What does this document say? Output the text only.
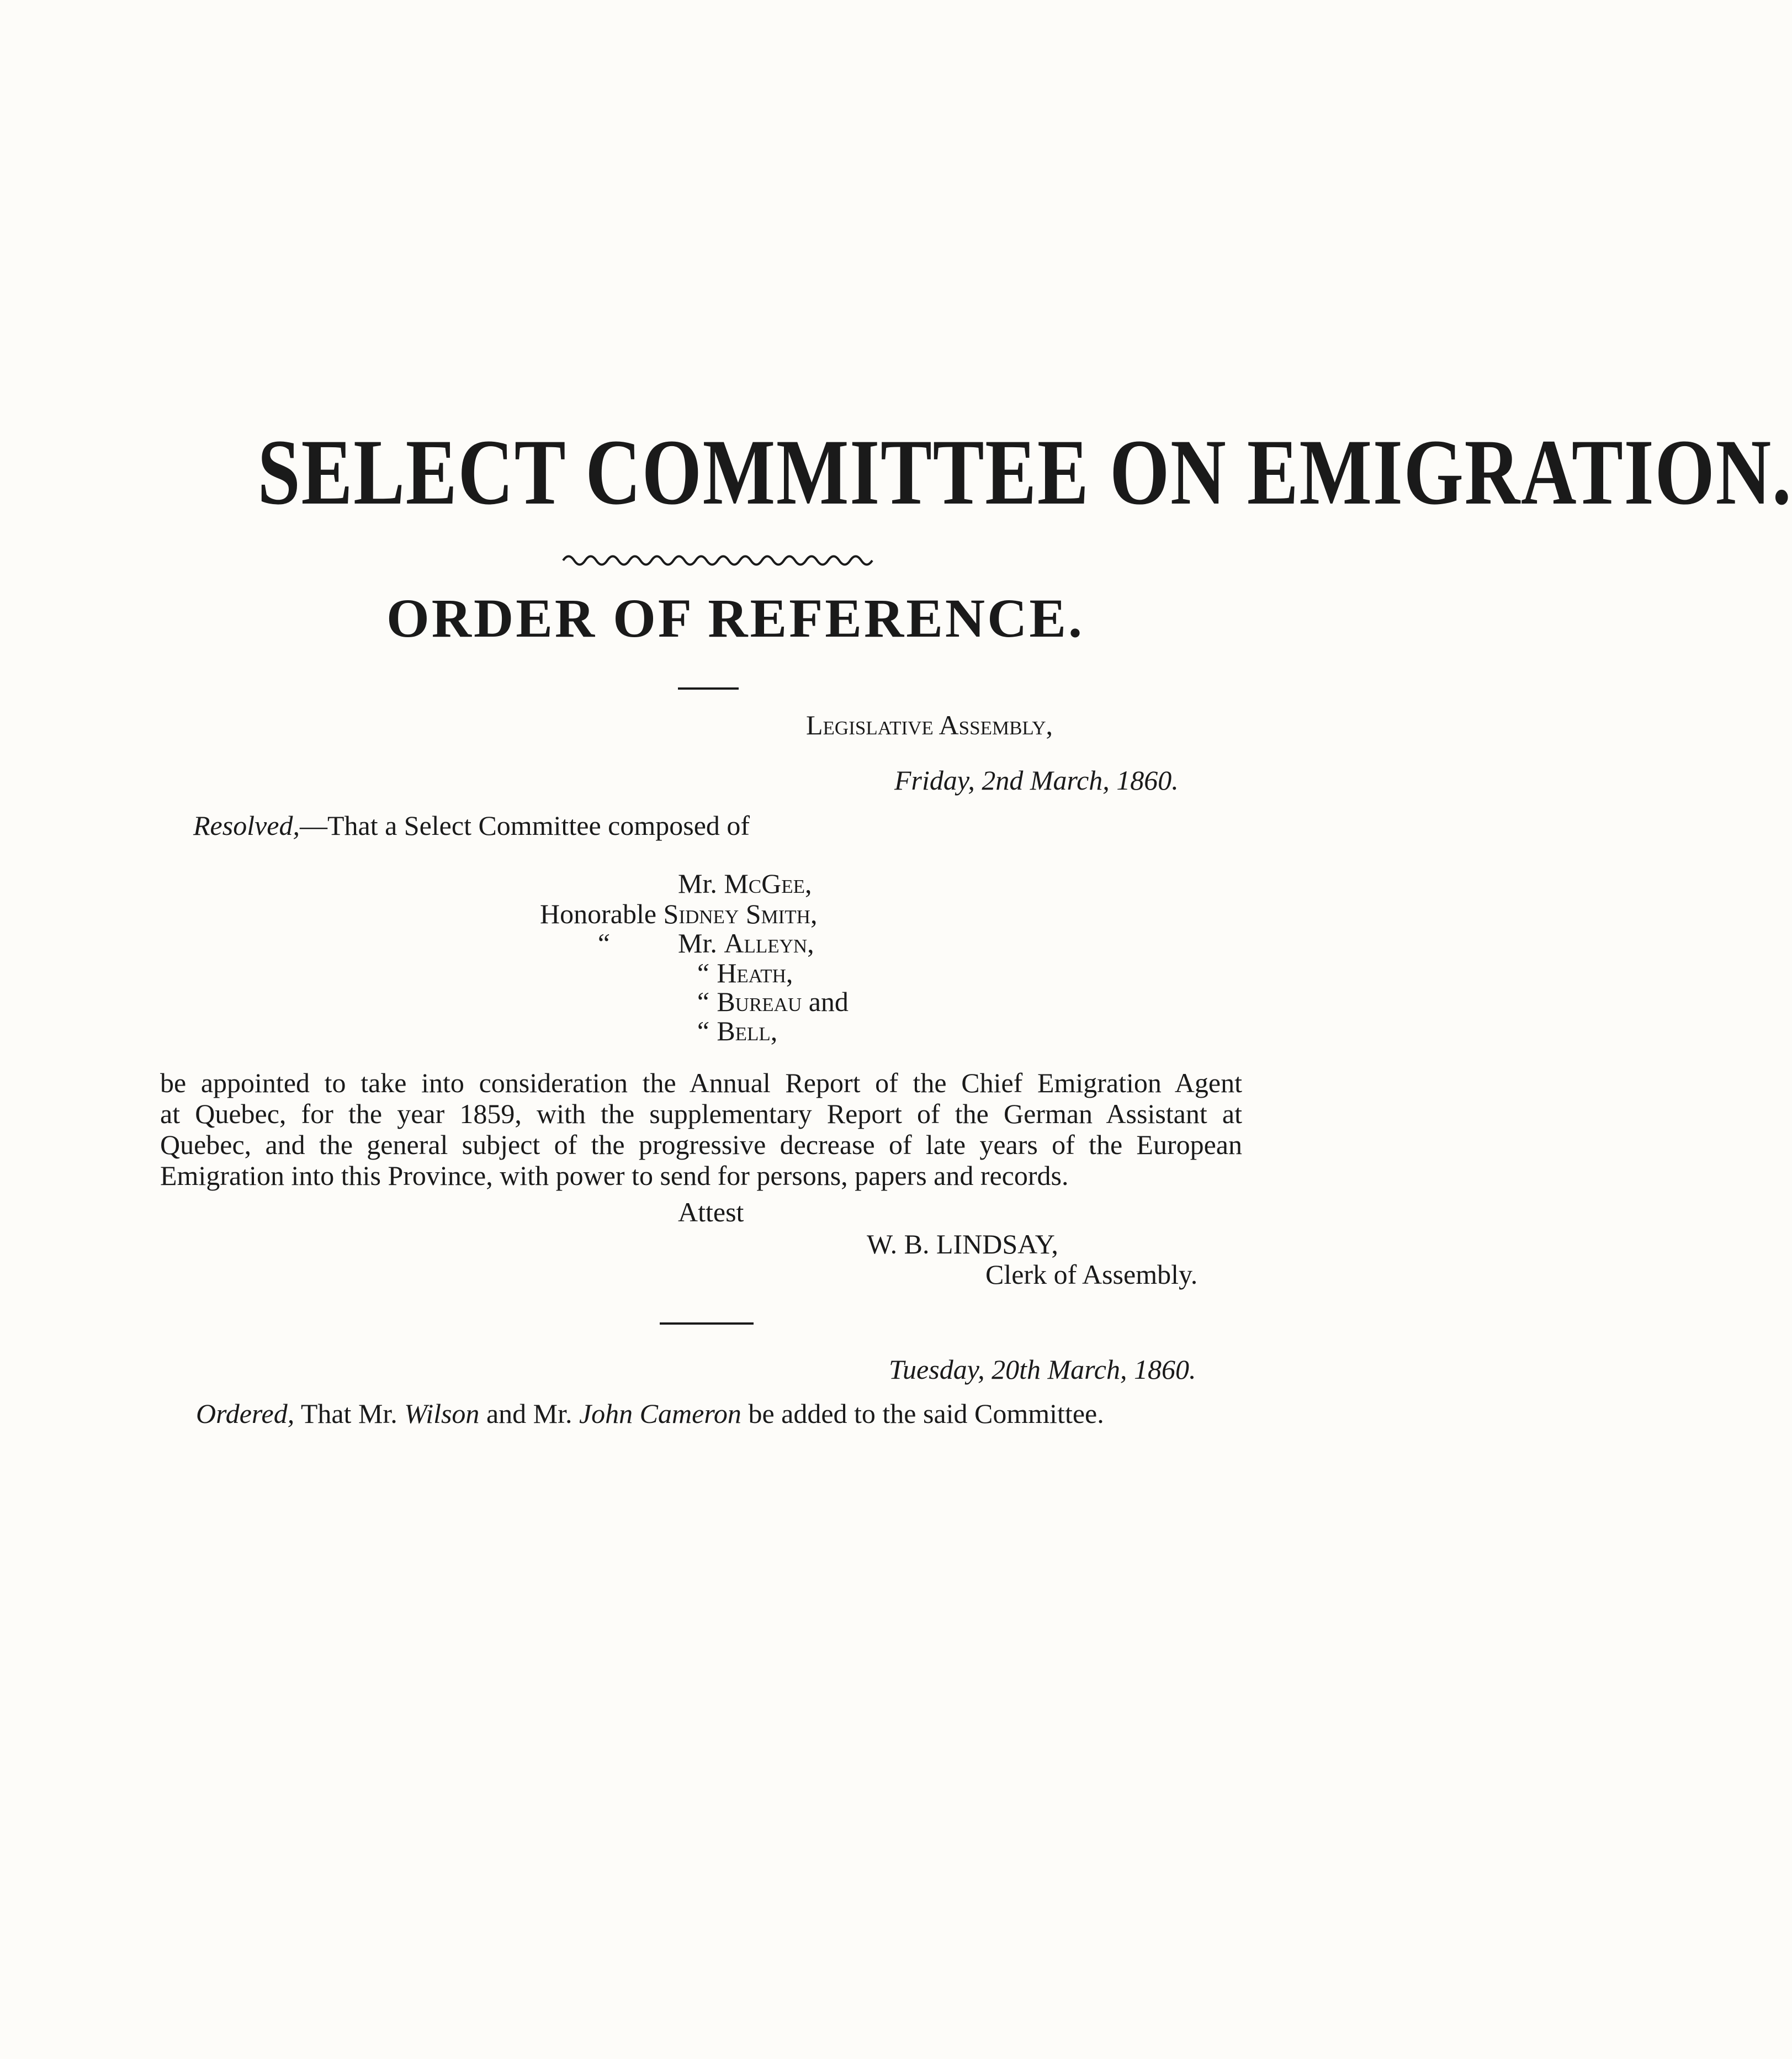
SELECT COMMITTEE ON EMIGRATION.
ORDER OF REFERENCE.
Legislative Assembly,
Friday, 2nd March, 1860.
Resolved,—That a Select Committee composed of
Mr. McGee,
Honorable Sidney Smith,
“ Mr. Alleyn,
“ Heath,
“ Bureau and
“ Bell,
be appointed to take into consideration the Annual Report of the Chief Emigration Agent
at Quebec, for the year 1859, with the supplementary Report of the German Assistant at
Quebec, and the general subject of the progressive decrease of late years of the European
Emigration into this Province, with power to send for persons, papers and records.
Attest
W. B. LINDSAY,
Clerk of Assembly.
Tuesday, 20th March, 1860.
Ordered, That Mr. Wilson and Mr. John Cameron be added to the said Committee.
